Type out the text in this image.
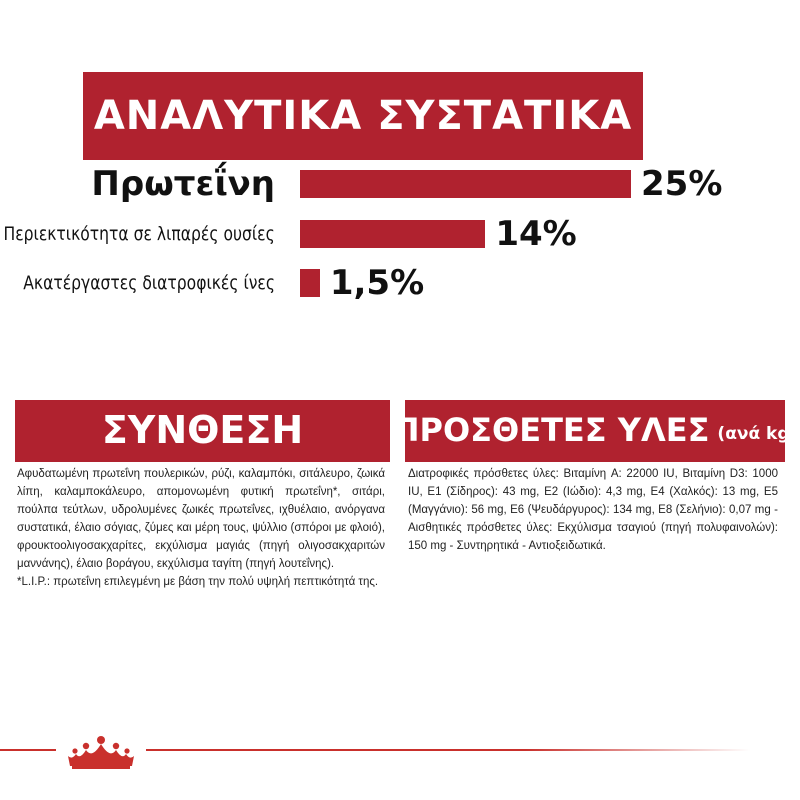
ΑΝΑΛΥΤΙΚΑ ΣΥΣΤΑΤΙΚΑ
Πρωτεΐνη	25%
Περιεκτικότητα σε λιπαρές ουσίες	14%
Ακατέργαστες διατροφικές ίνες 1,5%
ΣΥΝΘΕΣΗ
Αφυδατωμένη πρωτεΐνη πουλερικών, ρύζι, καλαμπόκι, σιτάλευρο, ζωικά λίπη, καλαμποκάλευρο, απομονωμένη φυτική πρωτεΐνη*, σιτάρι, πούλπα τεύτλων, υδρολυμένες ζωικές πρωτεΐνες, ιχθυέλαιο, ανόργανα συστατικά, έλαιο σόγιας, ζύμες και μέρη τους, ψύλλιο (σπόροι με φλοιό), φρουκτοολιγοσακχαρίτες, εκχύλισμα μαγιάς (πηγή ολιγοσακχαριτών μαννάνης), έλαιο βοράγου, εκχύλισμα ταγίτη (πηγή λουτεΐνης).
*L.I.P.: πρωτεΐνη επιλεγμένη με βάση την πολύ υψηλή πεπτικότητά της.
ΠΡΟΣΘΕΤΕΣ ΥΛΕΣ (ανά kg)
Διατροφικές πρόσθετες ύλες: Βιταμίνη A: 22000 IU, Βιταμίνη D3: 1000 IU, E1 (Σίδηρος): 43 mg, E2 (Ιώδιο): 4,3 mg, E4 (Χαλκός): 13 mg, E5 (Μαγγάνιο): 56 mg, E6 (Ψευδάργυρος): 134 mg, E8 (Σελήνιο): 0,07 mg - Αισθητικές πρόσθετες ύλες: Εκχύλισμα τσαγιού (πηγή πολυφαινολών): 150 mg - Συντηρητικά - Αντιοξειδωτικά.
